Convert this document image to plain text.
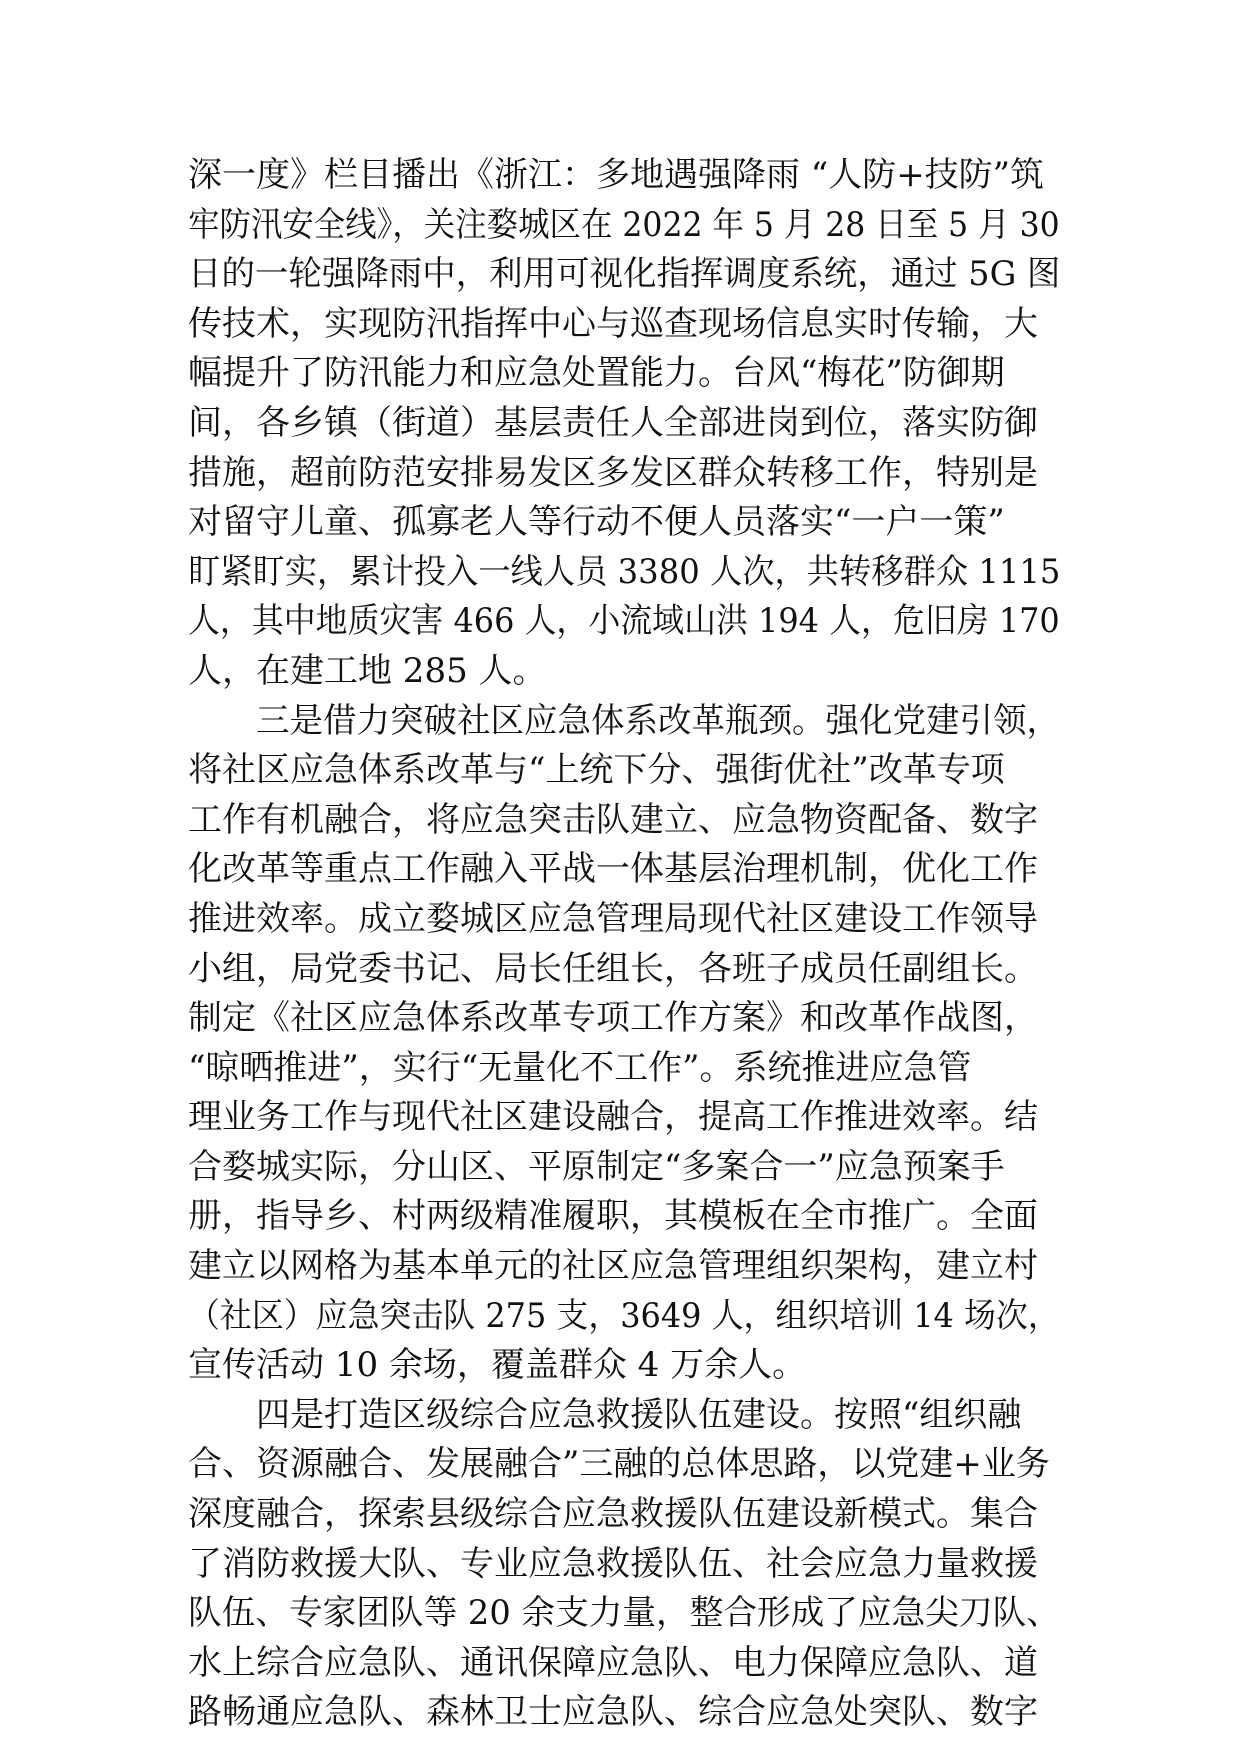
深一度》栏目播出《浙江：多地遇强降雨 “人防+技防”筑
牢防汛安全线》，关注婺城区在 2022 年 5 月 28 日至 5 月 30
日的一轮强降雨中，利用可视化指挥调度系统，通过 5G 图
传技术，实现防汛指挥中心与巡查现场信息实时传输，大
幅提升了防汛能力和应急处置能力。台风“梅花”防御期
间，各乡镇（街道）基层责任人全部进岗到位，落实防御
措施，超前防范安排易发区多发区群众转移工作，特别是
对留守儿童、孤寡老人等行动不便人员落实“一户一策”
盯紧盯实，累计投入一线人员 3380 人次，共转移群众 1115
人，其中地质灾害 466 人，小流域山洪 194 人，危旧房 170
人，在建工地 285 人。
三是借力突破社区应急体系改革瓶颈。强化党建引领，
将社区应急体系改革与“上统下分、强街优社”改革专项
工作有机融合，将应急突击队建立、应急物资配备、数字
化改革等重点工作融入平战一体基层治理机制，优化工作
推进效率。成立婺城区应急管理局现代社区建设工作领导
小组，局党委书记、局长任组长，各班子成员任副组长。
制定《社区应急体系改革专项工作方案》和改革作战图，
“晾晒推进”，实行“无量化不工作”。系统推进应急管
理业务工作与现代社区建设融合，提高工作推进效率。结
合婺城实际，分山区、平原制定“多案合一”应急预案手
册，指导乡、村两级精准履职，其模板在全市推广。全面
建立以网格为基本单元的社区应急管理组织架构，建立村
（社区）应急突击队 275 支，3649 人，组织培训 14 场次，
宣传活动 10 余场，覆盖群众 4 万余人。
四是打造区级综合应急救援队伍建设。按照“组织融
合、资源融合、发展融合”三融的总体思路，以党建+业务
深度融合，探索县级综合应急救援队伍建设新模式。集合
了消防救援大队、专业应急救援队伍、社会应急力量救援
队伍、专家团队等 20 余支力量，整合形成了应急尖刀队、
水上综合应急队、通讯保障应急队、电力保障应急队、道
路畅通应急队、森林卫士应急队、综合应急处突队、数字
